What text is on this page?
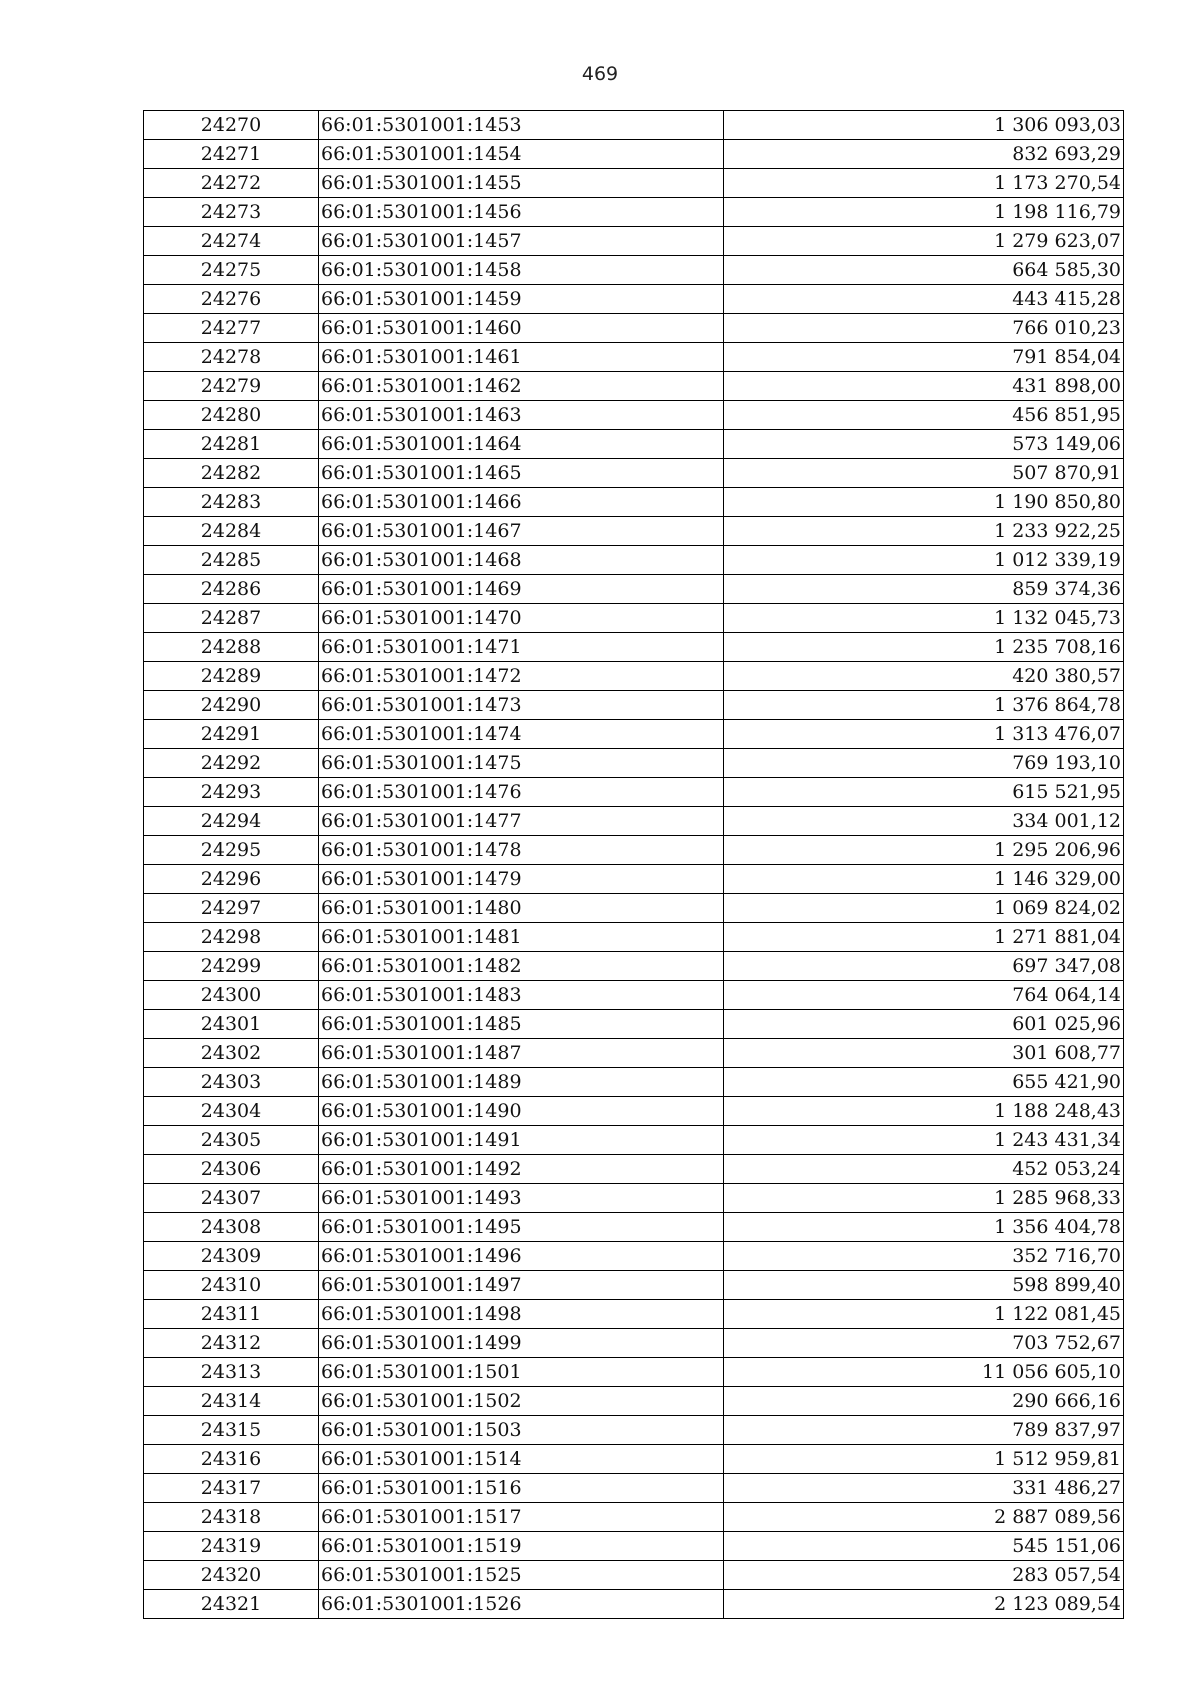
469
24270	66:01:5301001:1453	1 306 093,03
24271	66:01:5301001:1454	832 693,29
24272	66:01:5301001:1455	1 173 270,54
24273	66:01:5301001:1456	1 198 116,79
24274	66:01:5301001:1457	1 279 623,07
24275	66:01:5301001:1458	664 585,30
24276	66:01:5301001:1459	443 415,28
24277	66:01:5301001:1460	766 010,23
24278	66:01:5301001:1461	791 854,04
24279	66:01:5301001:1462	431 898,00
24280	66:01:5301001:1463	456 851,95
24281	66:01:5301001:1464	573 149,06
24282	66:01:5301001:1465	507 870,91
24283	66:01:5301001:1466	1 190 850,80
24284	66:01:5301001:1467	1 233 922,25
24285	66:01:5301001:1468	1 012 339,19
24286	66:01:5301001:1469	859 374,36
24287	66:01:5301001:1470	1 132 045,73
24288	66:01:5301001:1471	1 235 708,16
24289	66:01:5301001:1472	420 380,57
24290	66:01:5301001:1473	1 376 864,78
24291	66:01:5301001:1474	1 313 476,07
24292	66:01:5301001:1475	769 193,10
24293	66:01:5301001:1476	615 521,95
24294	66:01:5301001:1477	334 001,12
24295	66:01:5301001:1478	1 295 206,96
24296	66:01:5301001:1479	1 146 329,00
24297	66:01:5301001:1480	1 069 824,02
24298	66:01:5301001:1481	1 271 881,04
24299	66:01:5301001:1482	697 347,08
24300	66:01:5301001:1483	764 064,14
24301	66:01:5301001:1485	601 025,96
24302	66:01:5301001:1487	301 608,77
24303	66:01:5301001:1489	655 421,90
24304	66:01:5301001:1490	1 188 248,43
24305	66:01:5301001:1491	1 243 431,34
24306	66:01:5301001:1492	452 053,24
24307	66:01:5301001:1493	1 285 968,33
24308	66:01:5301001:1495	1 356 404,78
24309	66:01:5301001:1496	352 716,70
24310	66:01:5301001:1497	598 899,40
24311	66:01:5301001:1498	1 122 081,45
24312	66:01:5301001:1499	703 752,67
24313	66:01:5301001:1501	11 056 605,10
24314	66:01:5301001:1502	290 666,16
24315	66:01:5301001:1503	789 837,97
24316	66:01:5301001:1514	1 512 959,81
24317	66:01:5301001:1516	331 486,27
24318	66:01:5301001:1517	2 887 089,56
24319	66:01:5301001:1519	545 151,06
24320	66:01:5301001:1525	283 057,54
24321	66:01:5301001:1526	2 123 089,54
